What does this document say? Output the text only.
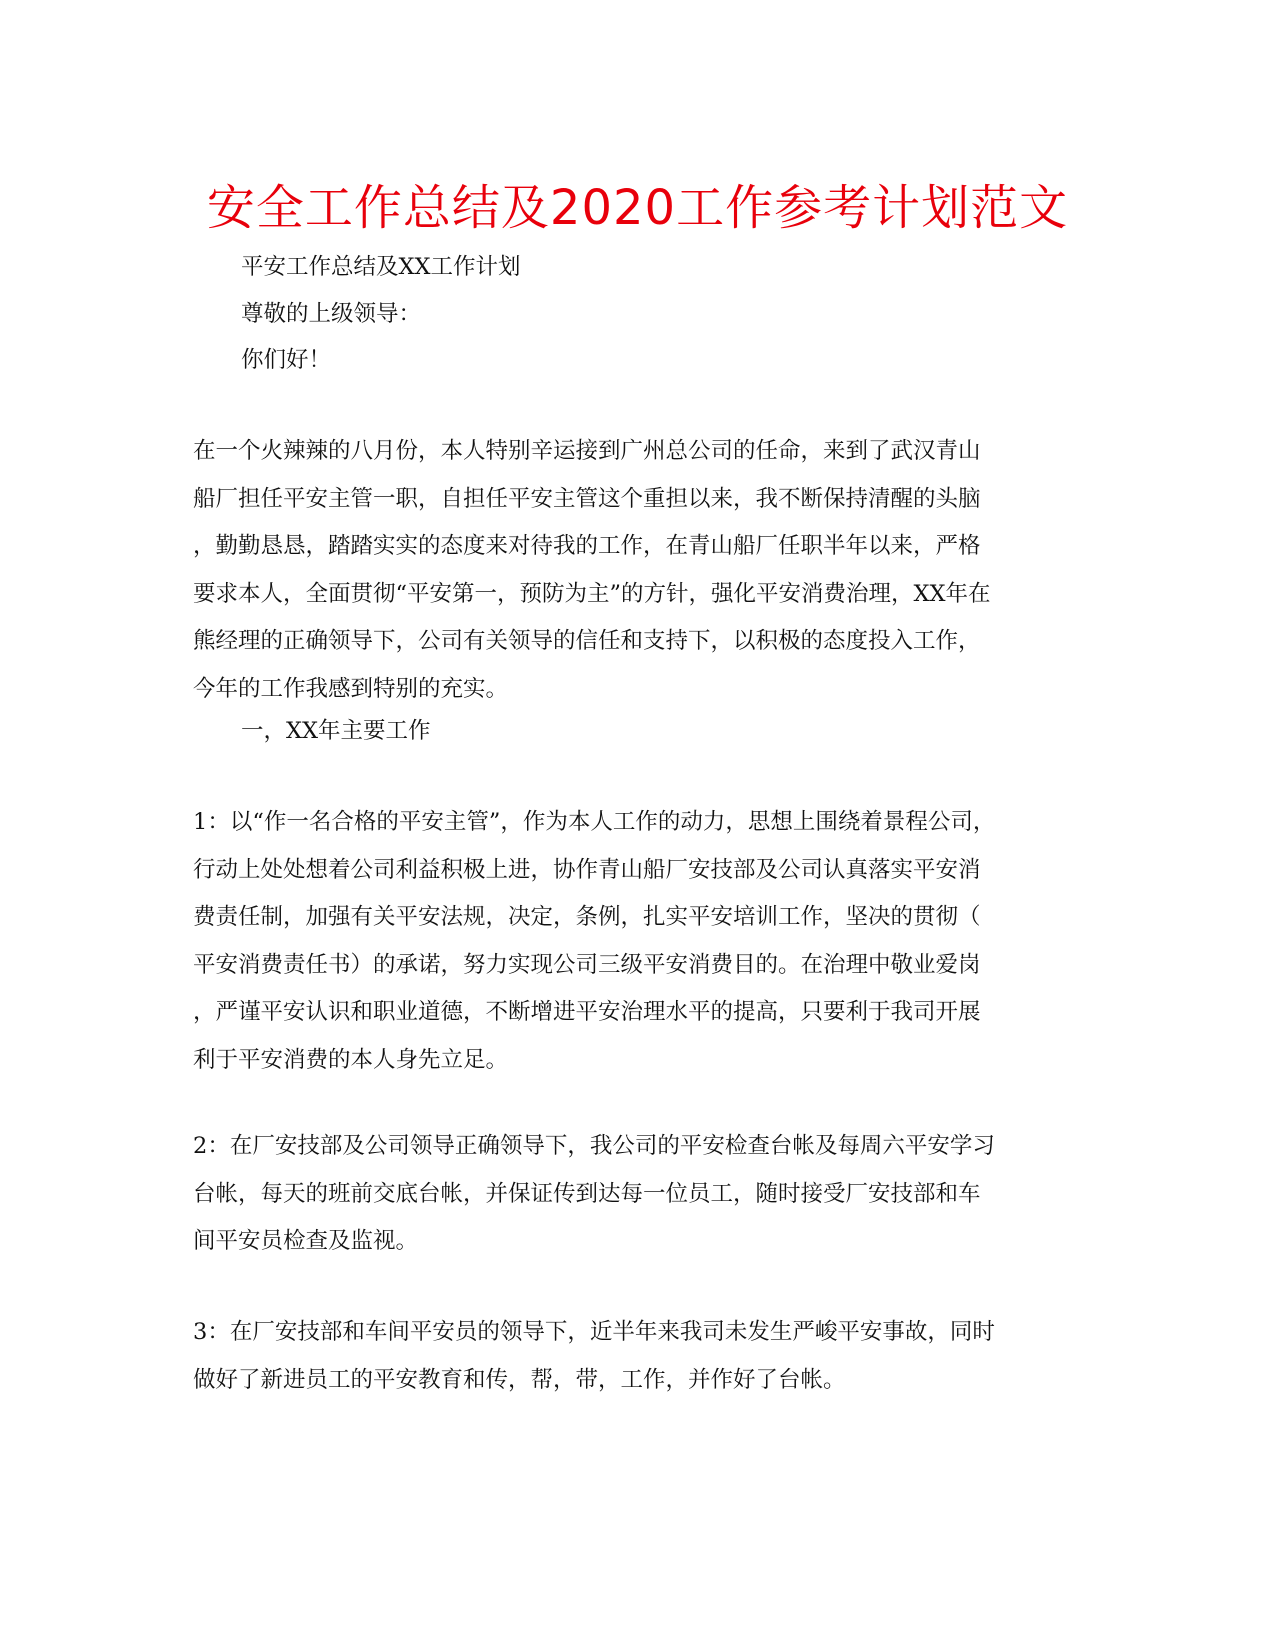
安全工作总结及2020工作参考计划范文
平安工作总结及XX工作计划
尊敬的上级领导：
你们好！
在一个火辣辣的八月份，本人特别辛运接到广州总公司的任命，来到了武汉青山
船厂担任平安主管一职，自担任平安主管这个重担以来，我不断保持清醒的头脑
，勤勤恳恳，踏踏实实的态度来对待我的工作，在青山船厂任职半年以来，严格
要求本人，全面贯彻“平安第一，预防为主”的方针，强化平安消费治理，XX年在
熊经理的正确领导下，公司有关领导的信任和支持下，以积极的态度投入工作，
今年的工作我感到特别的充实。
一，XX年主要工作
1：以“作一名合格的平安主管”，作为本人工作的动力，思想上围绕着景程公司，
行动上处处想着公司利益积极上进，协作青山船厂安技部及公司认真落实平安消
费责任制，加强有关平安法规，决定，条例，扎实平安培训工作，坚决的贯彻（
平安消费责任书）的承诺，努力实现公司三级平安消费目的。在治理中敬业爱岗
，严谨平安认识和职业道德，不断增进平安治理水平的提高，只要利于我司开展
利于平安消费的本人身先立足。
2：在厂安技部及公司领导正确领导下，我公司的平安检查台帐及每周六平安学习
台帐，每天的班前交底台帐，并保证传到达每一位员工，随时接受厂安技部和车
间平安员检查及监视。
3：在厂安技部和车间平安员的领导下，近半年来我司未发生严峻平安事故，同时
做好了新进员工的平安教育和传，帮，带，工作，并作好了台帐。
